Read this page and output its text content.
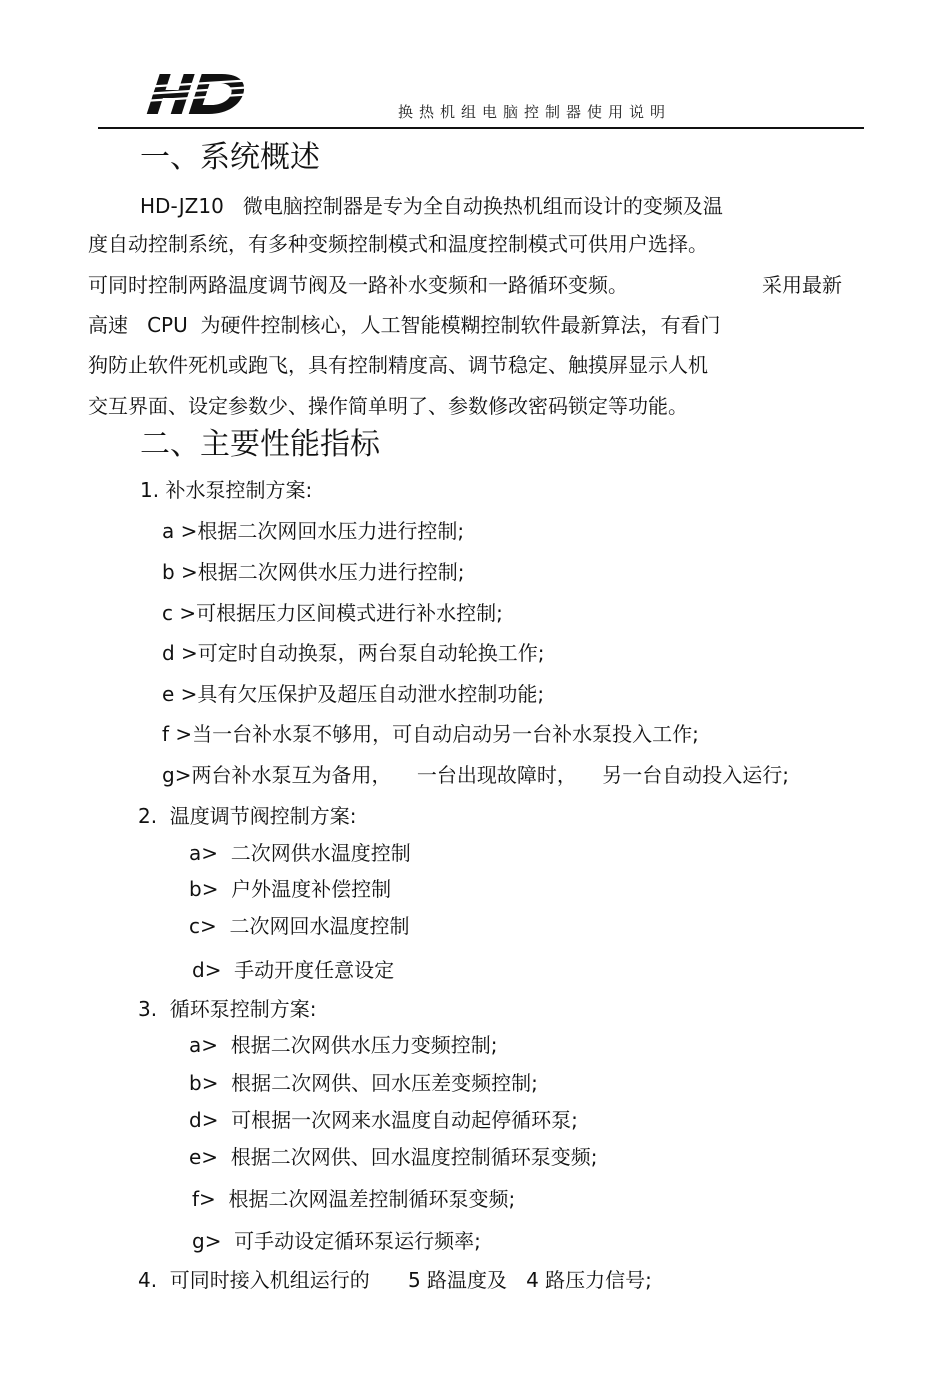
换热机组电脑控制器使用说明
一、系统概述
HD-JZ10   微电脑控制器是专为全自动换热机组而设计的变频及温
度自动控制系统，有多种变频控制模式和温度控制模式可供用户选择。
可同时控制两路温度调节阀及一路补水变频和一路循环变频。	采用最新
高速   CPU  为硬件控制核心，人工智能模糊控制软件最新算法，有看门
狗防止软件死机或跑飞，具有控制精度高、调节稳定、触摸屏显示人机
交互界面、设定参数少、操作简单明了、参数修改密码锁定等功能。
二、主要性能指标
1. 补水泵控制方案:
a >根据二次网回水压力进行控制;
b >根据二次网供水压力进行控制;
c >可根据压力区间模式进行补水控制;
d >可定时自动换泵，两台泵自动轮换工作;
e >具有欠压保护及超压自动泄水控制功能;
f >当一台补水泵不够用，可自动启动另一台补水泵投入工作;
g>两台补水泵互为备用，    一台出现故障时，    另一台自动投入运行;
2.  温度调节阀控制方案:
a>  二次网供水温度控制
b>  户外温度补偿控制
c>  二次网回水温度控制
d>  手动开度任意设定
3.  循环泵控制方案:
a>  根据二次网供水压力变频控制;
b>  根据二次网供、回水压差变频控制;
d>  可根据一次网来水温度自动起停循环泵;
e>  根据二次网供、回水温度控制循环泵变频;
f>  根据二次网温差控制循环泵变频;
g>  可手动设定循环泵运行频率;
4.  可同时接入机组运行的      5 路温度及   4 路压力信号;
